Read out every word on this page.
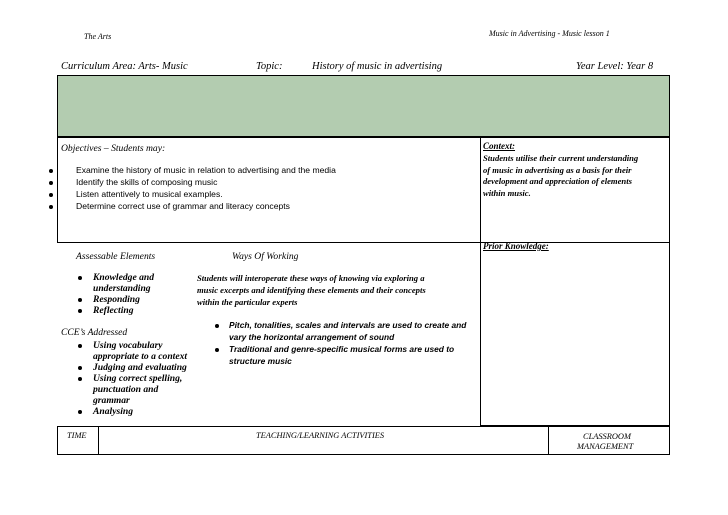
The Arts	Music in Advertising - Music lesson 1
Curriculum Area: Arts- Music	Topic:	History of music in advertising	Year Level: Year 8
Objectives – Students may:
Examine the history of music in relation to advertising and the media
Identify the skills of composing music
Listen attentively to musical examples.
Determine correct use of grammar and literacy concepts
Context:
Students utilise their current understanding
of music in advertising as a basis for their
development and appreciation of elements
within music.
Prior Knowledge:
Assessable Elements
Knowledge and
understanding
Responding
Reflecting
CCE’s Addressed
Using vocabulary
appropriate to a context
Judging and evaluating
Using correct spelling,
punctuation and
grammar
Analysing
Ways Of Working
Students will interoperate these ways of knowing via exploring a
music excerpts and identifying these elements and their concepts
within the particular experts
Pitch, tonalities, scales and intervals are used to create and
vary the horizontal arrangement of sound
Traditional and genre-specific musical forms are used to
structure music
TIME	TEACHING/LEARNING ACTIVITIES	CLASSROOM
MANAGEMENT
